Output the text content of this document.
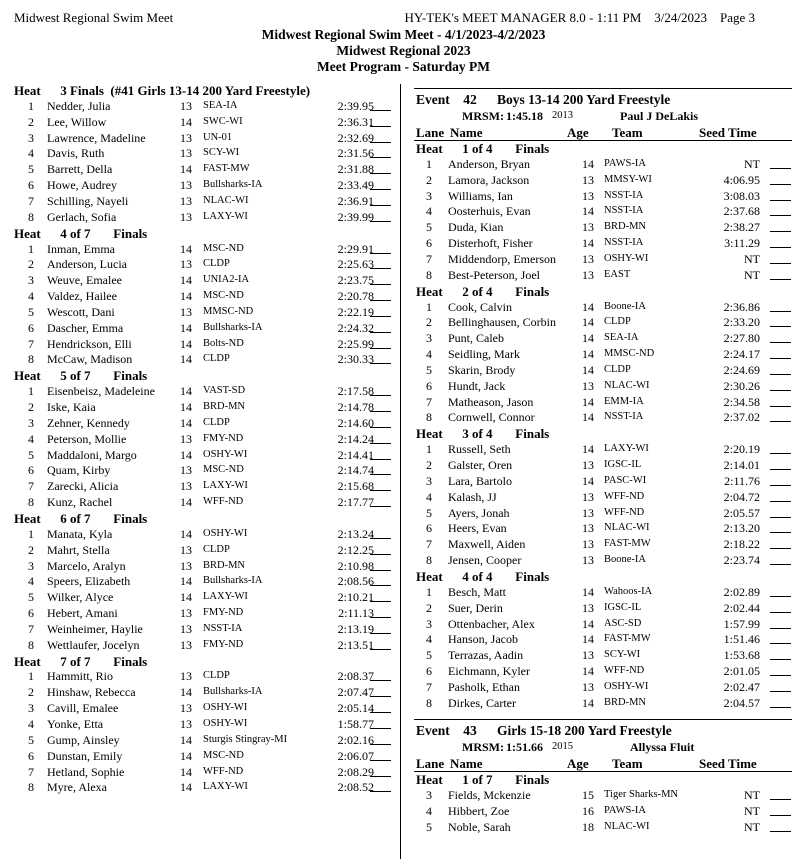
Midwest Regional Swim Meet	HY-TEK's MEET MANAGER 8.0 - 1:11 PM    3/24/2023    Page 3
Midwest Regional Swim Meet - 4/1/2023-4/2/2023
Midwest Regional 2023
Meet Program - Saturday PM
Heat      3 Finals  (#41 Girls 13-14 200 Yard Freestyle)
1 Nedder, Julia	13 SEA-IA	2:39.95
2 Lee, Willow	14 SWC-WI	2:36.31
3 Lawrence, Madeline	13 UN-01	2:32.69
4 Davis, Ruth	13 SCY-WI	2:31.56
5 Barrett, Della	14 FAST-MW	2:31.88
6 Howe, Audrey	13 Bullsharks-IA	2:33.49
7 Schilling, Nayeli	13 NLAC-WI	2:36.91
8 Gerlach, Sofia	13 LAXY-WI	2:39.99
Heat      4 of 7       Finals
1 Inman, Emma	14 MSC-ND	2:29.91
2 Anderson, Lucia	13 CLDP	2:25.63
3 Weuve, Emalee	14 UNIA2-IA	2:23.75
4 Valdez, Hailee	14 MSC-ND	2:20.78
5 Wescott, Dani	13 MMSC-ND	2:22.19
6 Dascher, Emma	14 Bullsharks-IA	2:24.32
7 Hendrickson, Elli	14 Bolts-ND	2:25.99
8 McCaw, Madison	14 CLDP	2:30.33
Heat      5 of 7       Finals
1 Eisenbeisz, Madeleine 14 VAST-SD	2:17.58
2 Iske, Kaia	14 BRD-MN	2:14.78
3 Zehner, Kennedy	14 CLDP	2:14.60
4 Peterson, Mollie	13 FMY-ND	2:14.24
5 Maddaloni, Margo	14 OSHY-WI	2:14.41
6 Quam, Kirby	13 MSC-ND	2:14.74
7 Zarecki, Alicia	13 LAXY-WI	2:15.68
8 Kunz, Rachel	14 WFF-ND	2:17.77
Heat      6 of 7       Finals
1 Manata, Kyla	14 OSHY-WI	2:13.24
2 Mahrt, Stella	13 CLDP	2:12.25
3 Marcelo, Aralyn	13 BRD-MN	2:10.98
4 Speers, Elizabeth	14 Bullsharks-IA	2:08.56
5 Wilker, Alyce	14 LAXY-WI	2:10.21
6 Hebert, Amani	13 FMY-ND	2:11.13
7 Weinheimer, Haylie	13 NSST-IA	2:13.19
8 Wettlaufer, Jocelyn	13 FMY-ND	2:13.51
Heat      7 of 7       Finals
1 Hammitt, Rio	13 CLDP	2:08.37
2 Hinshaw, Rebecca	14 Bullsharks-IA	2:07.47
3 Cavill, Emalee	13 OSHY-WI	2:05.14
4 Yonke, Etta	13 OSHY-WI	1:58.77
5 Gump, Ainsley	14 Sturgis Stingray-MI	2:02.16
6 Dunstan, Emily	14 MSC-ND	2:06.07
7 Hetland, Sophie	14 WFF-ND	2:08.29
8 Myre, Alexa	14 LAXY-WI	2:08.52
Event    42      Boys 13-14 200 Yard Freestyle
MRSM: 1:45.18 2013	Paul J DeLakis
Lane Name	Age Team	Seed Time
Event    43      Girls 15-18 200 Yard Freestyle
MRSM: 1:51.66 2015	Allyssa Fluit
Lane Name	Age Team	Seed Time
Heat      1 of 4       Finals
1 Anderson, Bryan	14 PAWS-IA	NT
2 Lamora, Jackson	13 MMSY-WI	4:06.95
3 Williams, Ian	13 NSST-IA	3:08.03
4 Oosterhuis, Evan	14 NSST-IA	2:37.68
5 Duda, Kian	13 BRD-MN	2:38.27
6 Disterhoft, Fisher	14 NSST-IA	3:11.29
7 Middendorp, Emerson 13 OSHY-WI	NT
8 Best-Peterson, Joel	13 EAST	NT
Heat      2 of 4       Finals
1 Cook, Calvin	14 Boone-IA	2:36.86
2 Bellinghausen, Corbin 14 CLDP	2:33.20
3 Punt, Caleb	14 SEA-IA	2:27.80
4 Seidling, Mark	14 MMSC-ND	2:24.17
5 Skarin, Brody	14 CLDP	2:24.69
6 Hundt, Jack	13 NLAC-WI	2:30.26
7 Matheason, Jason	14 EMM-IA	2:34.58
8 Cornwell, Connor	14 NSST-IA	2:37.02
Heat      3 of 4       Finals
1 Russell, Seth	14 LAXY-WI	2:20.19
2 Galster, Oren	13 IGSC-IL	2:14.01
3 Lara, Bartolo	14 PASC-WI	2:11.76
4 Kalash, JJ	13 WFF-ND	2:04.72
5 Ayers, Jonah	13 WFF-ND	2:05.57
6 Heers, Evan	13 NLAC-WI	2:13.20
7 Maxwell, Aiden	13 FAST-MW	2:18.22
8 Jensen, Cooper	13 Boone-IA	2:23.74
Heat      4 of 4       Finals
1 Besch, Matt	14 Wahoos-IA	2:02.89
2 Suer, Derin	13 IGSC-IL	2:02.44
3 Ottenbacher, Alex	14 ASC-SD	1:57.99
4 Hanson, Jacob	14 FAST-MW	1:51.46
5 Terrazas, Aadin	13 SCY-WI	1:53.68
6 Eichmann, Kyler	14 WFF-ND	2:01.05
7 Pasholk, Ethan	13 OSHY-WI	2:02.47
8 Dirkes, Carter	14 BRD-MN	2:04.57
Heat      1 of 7       Finals
3 Fields, Mckenzie	15 Tiger Sharks-MN	NT
4 Hibbert, Zoe	16 PAWS-IA	NT
5 Noble, Sarah	18 NLAC-WI	NT
